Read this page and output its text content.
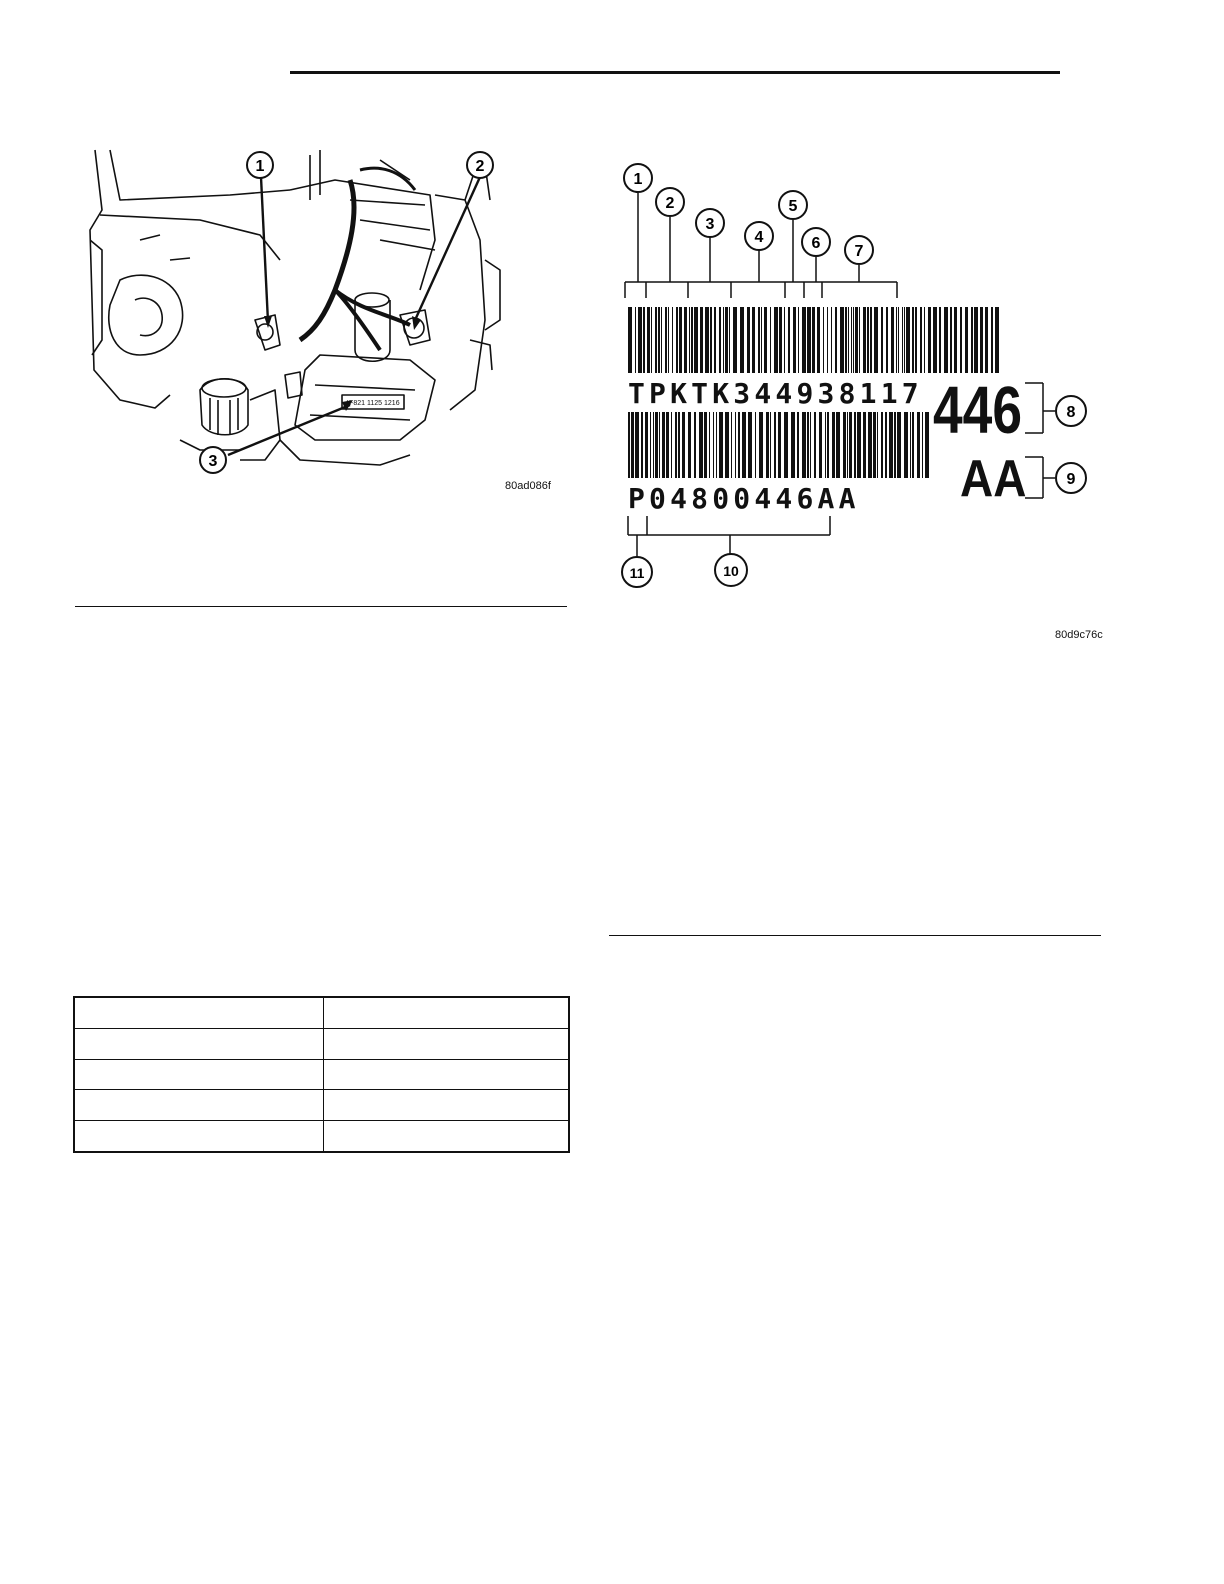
K-821 1125 1216
1	2
3
80ad086f
1
2
3
4
5
6 7
TPKTK344938117
P04800446AA
446
AA
8
9
10
11
80d9c76c
